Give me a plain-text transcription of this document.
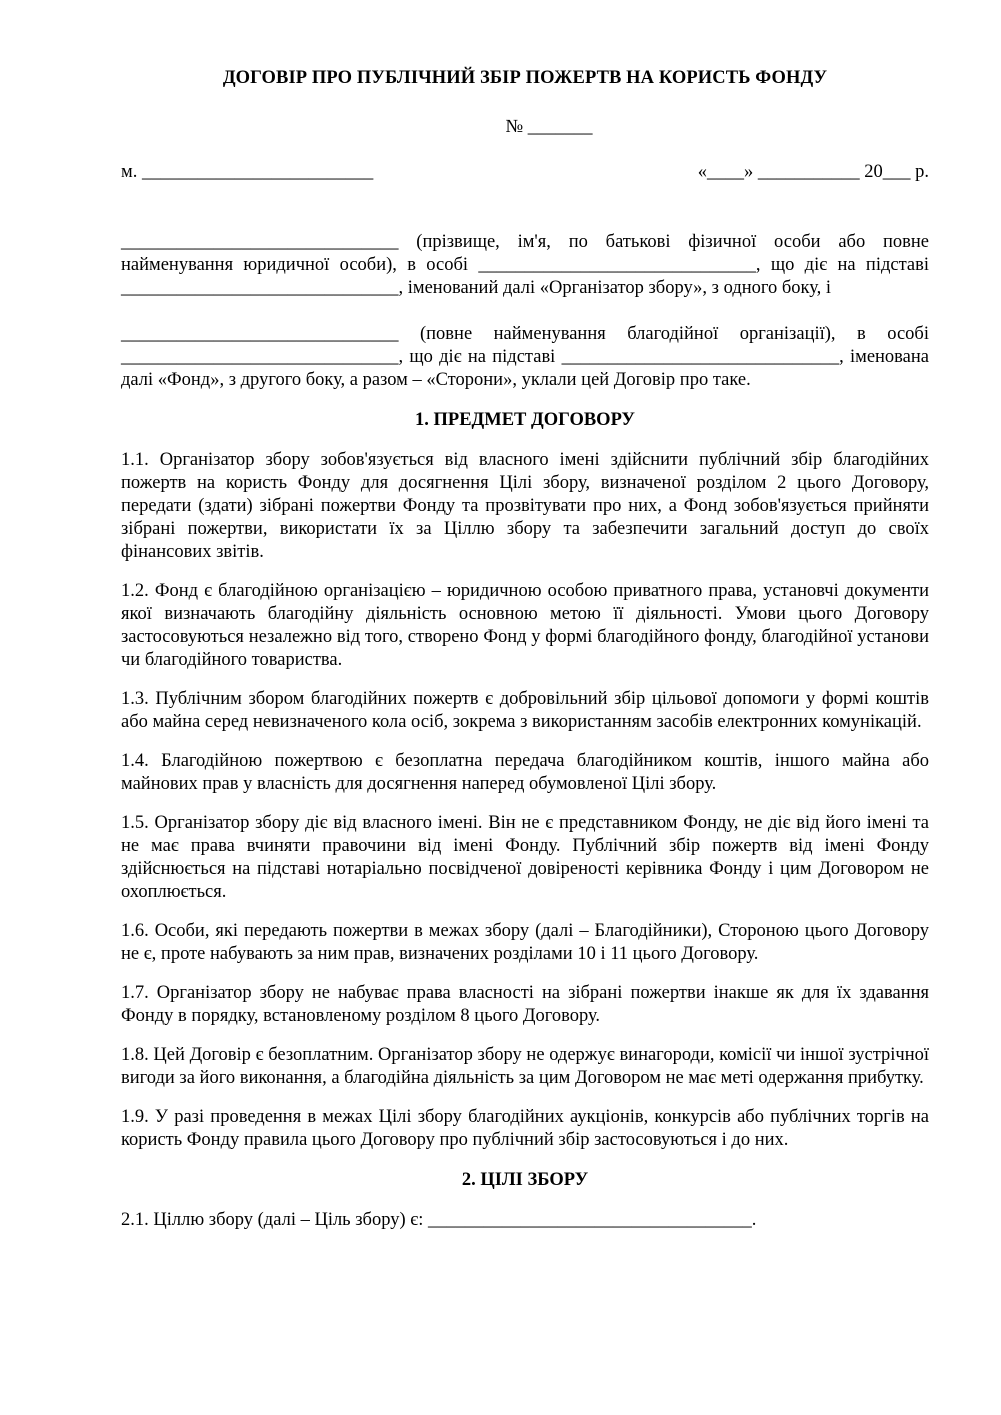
ДОГОВІР ПРО ПУБЛІЧНИЙ ЗБІР ПОЖЕРТВ НА КОРИСТЬ ФОНДУ
№ _______
м. _________________________	«____» ___________ 20___ р.

______________________________ (прізвище, ім'я, по батькові фізичної особи або повне найменування юридичної особи), в особі ______________________________, що діє на підставі ______________________________, іменований далі «Організатор збору», з одного боку, і

______________________________ (повне найменування благодійної організації), в особі ______________________________, що діє на підставі ______________________________, іменована далі «Фонд», з другого боку, а разом – «Сторони», уклали цей Договір про таке.

1. ПРЕДМЕТ ДОГОВОРУ

1.1. Організатор збору зобов'язується від власного імені здійснити публічний збір благодійних пожертв на користь Фонду для досягнення Цілі збору, визначеної розділом 2 цього Договору, передати (здати) зібрані пожертви Фонду та прозвітувати про них, а Фонд зобов'язується прийняти зібрані пожертви, використати їх за Ціллю збору та забезпечити загальний доступ до своїх фінансових звітів.

1.2. Фонд є благодійною організацією – юридичною особою приватного права, установчі документи якої визначають благодійну діяльність основною метою її діяльності. Умови цього Договору застосовуються незалежно від того, створено Фонд у формі благодійного фонду, благодійної установи чи благодійного товариства.

1.3. Публічним збором благодійних пожертв є добровільний збір цільової допомоги у формі коштів або майна серед невизначеного кола осіб, зокрема з використанням засобів електронних комунікацій.

1.4. Благодійною пожертвою є безоплатна передача благодійником коштів, іншого майна або майнових прав у власність для досягнення наперед обумовленої Цілі збору.

1.5. Організатор збору діє від власного імені. Він не є представником Фонду, не діє від його імені та не має права вчиняти правочини від імені Фонду. Публічний збір пожертв від імені Фонду здійснюється на підставі нотаріально посвідченої довіреності керівника Фонду і цим Договором не охоплюється.

1.6. Особи, які передають пожертви в межах збору (далі – Благодійники), Стороною цього Договору не є, проте набувають за ним прав, визначених розділами 10 і 11 цього Договору.

1.7. Організатор збору не набуває права власності на зібрані пожертви інакше як для їх здавання Фонду в порядку, встановленому розділом 8 цього Договору.

1.8. Цей Договір є безоплатним. Організатор збору не одержує винагороди, комісії чи іншої зустрічної вигоди за його виконання, а благодійна діяльність за цим Договором не має меті одержання прибутку.

1.9. У разі проведення в межах Цілі збору благодійних аукціонів, конкурсів або публічних торгів на користь Фонду правила цього Договору про публічний збір застосовуються і до них.

2. ЦІЛІ ЗБОРУ

2.1. Ціллю збору (далі – Ціль збору) є: ___________________________________.
